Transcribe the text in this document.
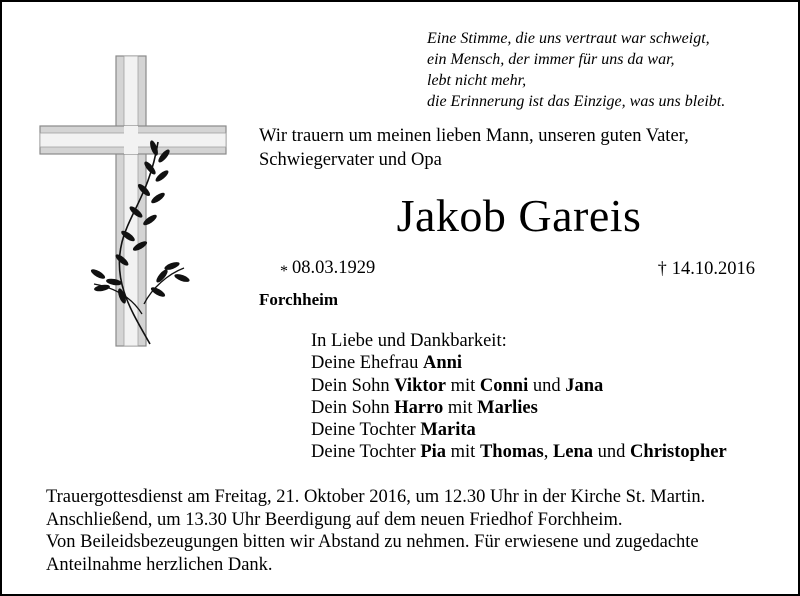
Eine Stimme, die uns vertraut war schweigt,
ein Mensch, der immer für uns da war,
lebt nicht mehr,
die Erinnerung ist das Einzige, was uns bleibt.
Wir trauern um meinen lieben Mann, unseren guten Vater,
Schwiegervater und Opa
Jakob Gareis
* 08.03.1929	† 14.10.2016
Forchheim
In Liebe und Dankbarkeit:
Deine Ehefrau Anni
Dein Sohn Viktor mit Conni und Jana
Dein Sohn Harro mit Marlies
Deine Tochter Marita
Deine Tochter Pia mit Thomas, Lena und Christopher
Trauergottesdienst am Freitag, 21. Oktober 2016, um 12.30 Uhr in der Kirche St. Martin.
Anschließend, um 13.30 Uhr Beerdigung auf dem neuen Friedhof Forchheim.
Von Beileidsbezeugungen bitten wir Abstand zu nehmen. Für erwiesene und zugedachte
Anteilnahme herzlichen Dank.
